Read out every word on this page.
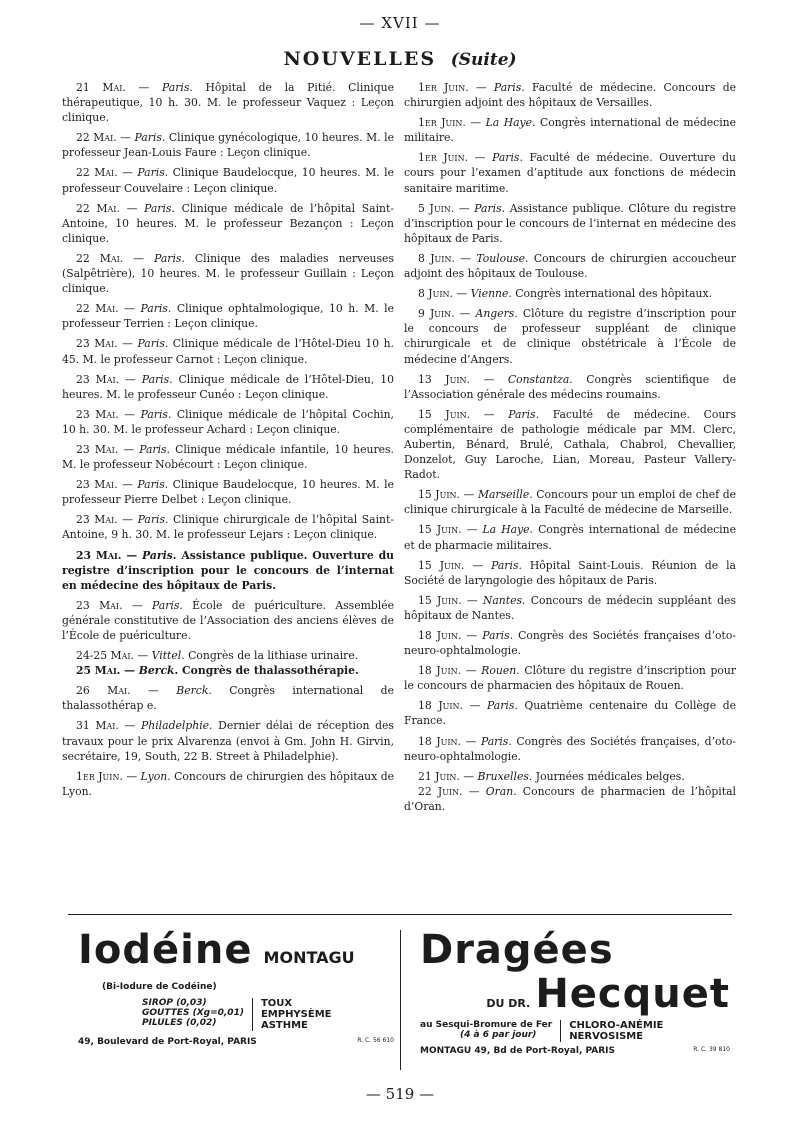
— XVII —
NOUVELLES (Suite)

21 Mai. — Paris. Hôpital de la Pitié. Clinique thérapeutique, 10 h. 30. M. le professeur Vaquez : Leçon clinique.

22 Mai. — Paris. Clinique gynécologique, 10 heures. M. le professeur Jean-Louis Faure : Leçon clinique.

22 Mai. — Paris. Clinique Baudelocque, 10 heures. M. le professeur Couvelaire : Leçon clinique.

22 Mai. — Paris. Clinique médicale de l’hôpital Saint-Antoine, 10 heures. M. le professeur Bezançon : Leçon clinique.

22 Mai. — Paris. Clinique des maladies nerveuses (Salpêtrière), 10 heures. M. le professeur Guillain : Leçon clinique.

22 Mai. — Paris. Clinique ophtalmologique, 10 h. M. le professeur Terrien : Leçon clinique.

23 Mai. — Paris. Clinique médicale de l’Hôtel-Dieu 10 h. 45. M. le professeur Carnot : Leçon clinique.

23 Mai. — Paris. Clinique médicale de l’Hôtel-Dieu, 10 heures. M. le professeur Cunéo : Leçon clinique.

23 Mai. — Paris. Clinique médicale de l’hôpital Cochin, 10 h. 30. M. le professeur Achard : Leçon clinique.

23 Mai. — Paris. Clinique médicale infantile, 10 heures. M. le professeur Nobécourt : Leçon clinique.

23 Mai. — Paris. Clinique Baudelocque, 10 heures. M. le professeur Pierre Delbet : Leçon clinique.

23 Mai. — Paris. Clinique chirurgicale de l’hôpital Saint-Antoine, 9 h. 30. M. le professeur Lejars : Leçon clinique.

23 Mai. — Paris. Assistance publique. Ouverture du registre d’inscription pour le concours de l’internat en médecine des hôpitaux de Paris.

23 Mai. — Paris. École de puériculture. Assemblée générale constitutive de l’Association des anciens élèves de l’École de puériculture.

24-25 Mai. — Vittel. Congrès de la lithiase urinaire.

25 Mai. — Berck. Congrès de thalassothérapie.

26 Mai. — Berck. Congrès international de thalassothérap e.

31 Mai. — Philadelphie. Dernier délai de réception des travaux pour le prix Alvarenza (envoi à Gm. John H. Girvin, secrétaire, 19, South, 22 B. Street à Philadelphie).

1er Juin. — Lyon. Concours de chirurgien des hôpitaux de Lyon.

1er Juin. — Paris. Faculté de médecine. Concours de chirurgien adjoint des hôpitaux de Versailles.

1er Juin. — La Haye. Congrès international de médecine militaire.

1er Juin. — Paris. Faculté de médecine. Ouverture du cours pour l’examen d’aptitude aux fonctions de médecin sanitaire maritime.

5 Juin. — Paris. Assistance publique. Clôture du registre d’inscription pour le concours de l’internat en médecine des hôpitaux de Paris.

8 Juin. — Toulouse. Concours de chirurgien accoucheur adjoint des hôpitaux de Toulouse.

8 Juin. — Vienne. Congrès international des hôpitaux.

9 Juin. — Angers. Clôture du registre d’inscription pour le concours de professeur suppléant de clinique chirurgicale et de clinique obstétricale à l’École de médecine d’Angers.

13 Juin. — Constantza. Congrès scientifique de l’Association générale des médecins roumains.

15 Juin. — Paris. Faculté de médecine. Cours complémentaire de pathologie médicale par MM. Clerc, Aubertin, Bénard, Brulé, Cathala, Chabrol, Chevallier, Donzelot, Guy Laroche, Lian, Moreau, Pasteur Vallery-Radot.

15 Juin. — Marseille. Concours pour un emploi de chef de clinique chirurgicale à la Faculté de médecine de Marseille.

15 Juin. — La Haye. Congrès international de médecine et de pharmacie militaires.

15 Juin. — Paris. Hôpital Saint-Louis. Réunion de la Société de laryngologie des hôpitaux de Paris.

15 Juin. — Nantes. Concours de médecin suppléant des hôpitaux de Nantes.

18 Juin. — Paris. Congrès des Sociétés françaises d’oto-neuro-ophtalmologie.

18 Juin. — Rouen. Clôture du registre d’inscription pour le concours de pharmacien des hôpitaux de Rouen.

18 Juin. — Paris. Quatrième centenaire du Collège de France.

18 Juin. — Paris. Congrès des Sociétés françaises, d’oto-neuro-ophtalmologie.

21 Juin. — Bruxelles. Journées médicales belges.

22 Juin. — Oran. Concours de pharmacien de l’hôpital d’Oran.

Iodéine MONTAGU
(Bi-Iodure de Codéine)
SIROP (0,03)
GOUTTES (Xg=0,01)
PILULES (0,02)
TOUX
EMPHYSÈME
ASTHME
49, Boulevard de Port-Royal, PARIS	R. C. 56 610
Dragées
DU DR. Hecquet
au Sesqui-Bromure de Fer
(4 à 6 par jour)
CHLORO-ANÉMIE
NERVOSISME
MONTAGU 49, Bd de Port-Royal, PARIS	R. C. 39 810
— 519 —
